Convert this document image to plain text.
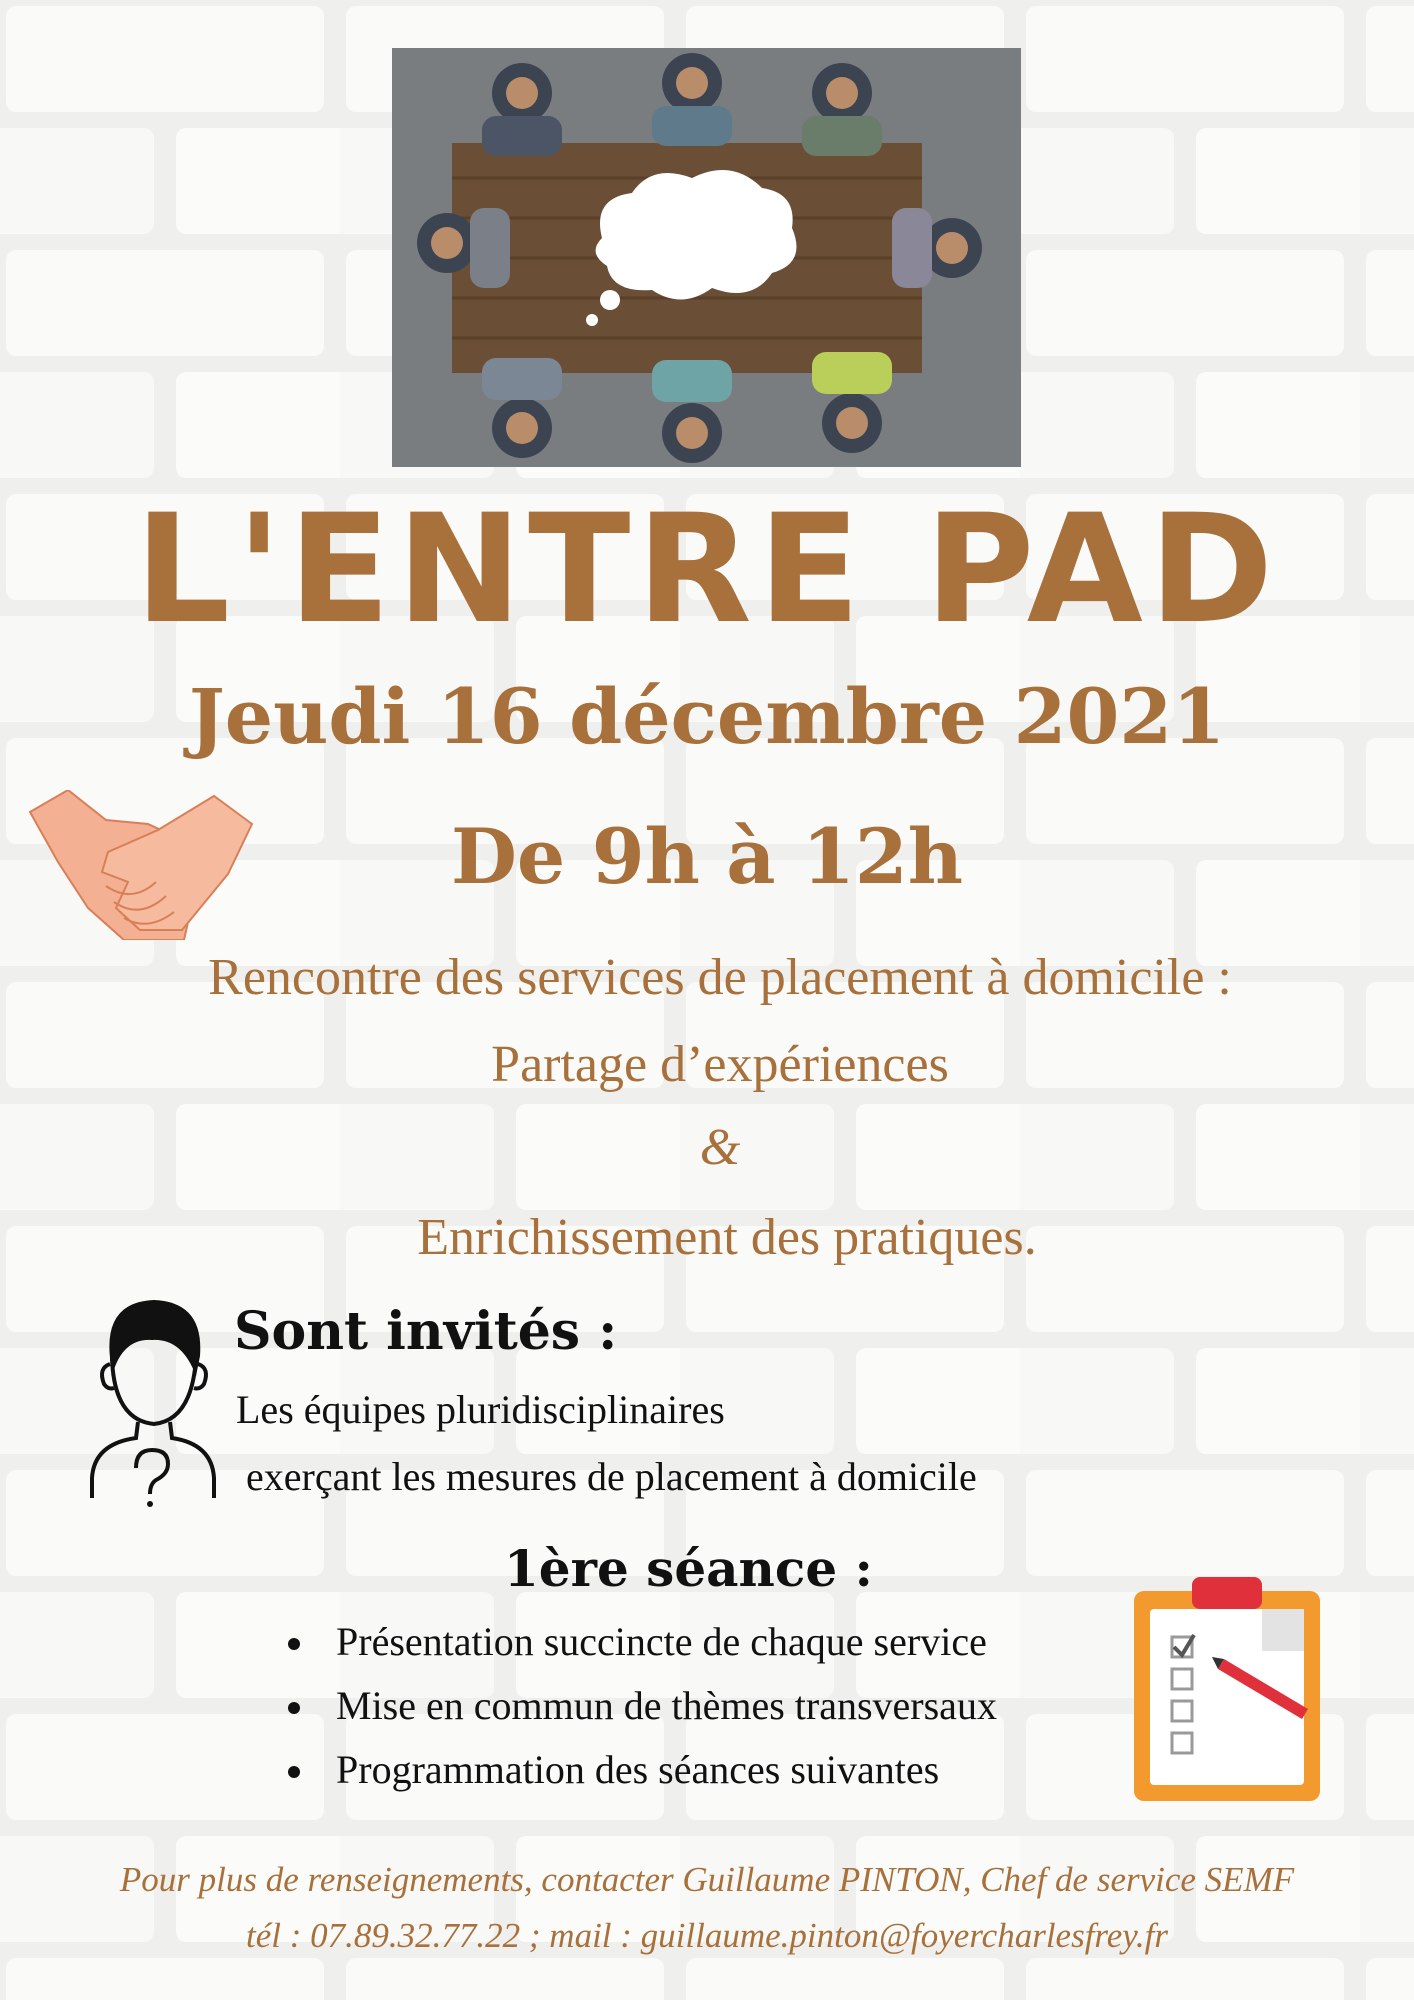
L'ENTRE PAD
Jeudi 16 décembre 2021
De 9h à 12h
Rencontre des services de placement à domicile :
Partage d’expériences
&
Enrichissement des pratiques.
Sont invités :
Les équipes pluridisciplinaires
exerçant les mesures de placement à domicile
1ère séance :
Présentation succincte de chaque service
Mise en commun de thèmes transversaux
Programmation des séances suivantes
Pour plus de renseignements, contacter Guillaume PINTON, Chef de service SEMF
tél : 07.89.32.77.22 ; mail : guillaume.pinton@foyercharlesfrey.fr
